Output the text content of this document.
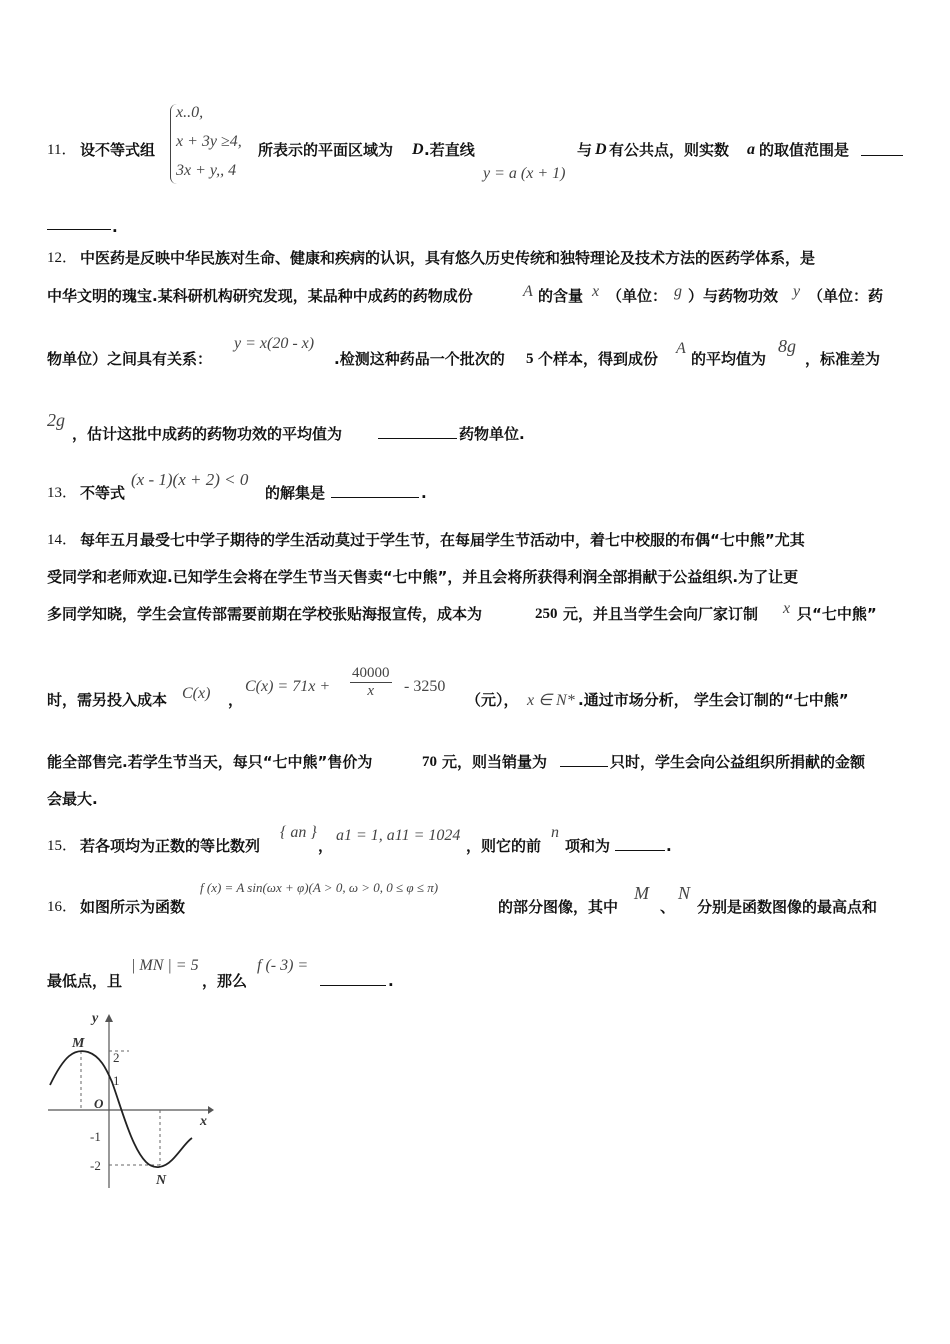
11． 设不等式组
x..0,
x + 3y ≥4,
3x + y,, 4
所表示的平面区域为 D .若直线
y = a (x + 1)
与 D 有公共点，则实数 a 的取值范围是
.
12． 中医药是反映中华民族对生命、健康和疾病的认识，具有悠久历史传统和独特理论及技术方法的医药学体系，是
中华文明的瑰宝.某科研机构研究发现，某品种中成药的药物成份	A 的含量 x （单位： g ）与药物功效 y （单位：药
物单位）之间具有关系：
y = x(20 - x)
.检测这种药品一个批次的 5 个样本，得到成份
A
的平均值为
8g
，标准差为
2g
，估计这批中成药的药物功效的平均值为	药物单位.
13． 不等式
(x - 1)(x + 2) < 0
的解集是	.
14． 每年五月最受七中学子期待的学生活动莫过于学生节，在每届学生节活动中，着七中校服的布偶“七中熊”尤其
受同学和老师欢迎.已知学生会将在学生节当天售卖“七中熊”，并且会将所获得利润全部捐献于公益组织.为了让更
多同学知晓，学生会宣传部需要前期在学校张贴海报宣传，成本为	250 元，并且当学生会向厂家订制 x 只“七中熊”
时，需另投入成本 C(x) ，
$C(x) = 71x + \frac{40000}{x} - 3250$
（元）， x ∈ N* .通过市场分析， 学生会订制的“七中熊”
能全部售完.若学生节当天，每只“七中熊”售价为	70 元，则当销量为	只时，学生会向公益组织所捐献的金额
会最大.
15． 若各项均为正数的等比数列
{ an }
，
a1 = 1, a11 = 1024
，则它的前
n
项和为	.
16． 如图所示为函数
f (x) = A sin(ωx + φ)(A > 0, ω > 0, 0 ≤ φ ≤ π)
的部分图像，其中
M
、
N
分别是函数图像的最高点和
最低点，且
| MN | = 5
，那么
f (- 3) =
.
y
x
O
M
N
2
1
-1
-2
